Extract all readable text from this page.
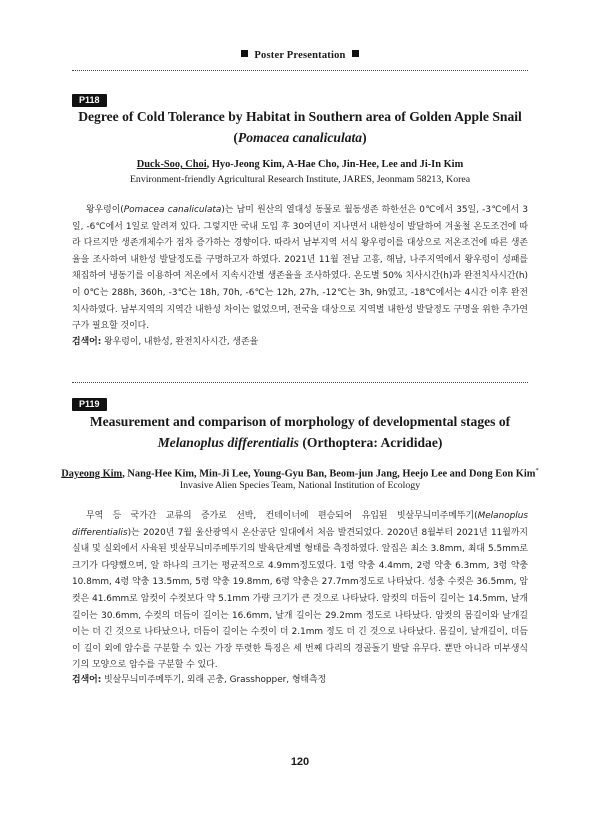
Poster Presentation
P118
Degree of Cold Tolerance by Habitat in Southern area of Golden Apple Snail
(Pomacea canaliculata)
Duck-Soo, Choi, Hyo-Jeong Kim, A-Hae Cho, Jin-Hee, Lee and Ji-In Kim
Environment-friendly Agricultural Research Institute, JARES, Jeonmam 58213, Korea
왕우렁이(Pomacea canaliculata)는 남미 원산의 열대성 동물로 월동생존 하한선은 0℃에서 35일, -3℃에서 3일, -6℃에서 1일로 알려져 있다. 그렇지만 국내 도입 후 30여년이 지나면서 내한성이 발달하여 겨울철 온도조건에 따라 다르지만 생존개체수가 점차 증가하는 경향이다. 따라서 남부지역 서식 왕우렁이를 대상으로 저온조건에 따른 생존율을 조사하여 내한성 발달정도를 구명하고자 하였다. 2021년 11월 전남 고흥, 해남, 나주지역에서 왕우렁이 성패를 채집하여 냉동기를 이용하여 저온에서 지속시간별 생존율을 조사하였다. 온도별 50% 치사시간(h)과 완전치사시간(h)이 0℃는 288h, 360h, -3℃는 18h, 70h, -6℃는 12h, 27h, -12℃는 3h, 9h였고, -18℃에서는 4시간 이후 완전치사하였다. 남부지역의 지역간 내한성 차이는 없었으며, 전국을 대상으로 지역별 내한성 발달정도 구명을 위한 추가연구가 필요할 것이다.
검색어: 왕우렁이, 내한성, 완전치사시간, 생존율
P119
Measurement and comparison of morphology of developmental stages of
Melanoplus differentialis (Orthoptera: Acrididae)
Dayeong Kim, Nang-Hee Kim, Min-Ji Lee, Young-Gyu Ban, Beom-jun Jang, Heejo Lee and Dong Eon Kim*
Invasive Alien Species Team, National Institution of Ecology
무역 등 국가간 교류의 증가로 선박, 컨테이너에 편승되어 유입된 빗살무늬미주메뚜기(Melanoplus differentialis)는 2020년 7월 울산광역시 온산공단 일대에서 처음 발견되었다. 2020년 8월부터 2021년 11월까지 실내 및 실외에서 사육된 빗살무늬미주메뚜기의 발육단계별 형태를 측정하였다. 알집은 최소 3.8mm, 최대 5.5mm로 크기가 다양했으며, 알 하나의 크기는 평균적으로 4.9mm정도였다. 1령 약충 4.4mm, 2령 약충 6.3mm, 3령 약충 10.8mm, 4령 약충 13.5mm, 5령 약충 19.8mm, 6령 약충은 27.7mm정도로 나타났다. 성충 수컷은 36.5mm, 암컷은 41.6mm로 암컷이 수컷보다 약 5.1mm 가량 크기가 큰 것으로 나타났다. 암컷의 더듬이 길이는 14.5mm, 날개 길이는 30.6mm, 수컷의 더듬이 길이는 16.6mm, 날개 길이는 29.2mm 정도로 나타났다. 암컷의 몸길이와 날개길이는 더 긴 것으로 나타났으나, 더듬이 길이는 수컷이 더 2.1mm 정도 더 긴 것으로 나타났다. 몸길이, 날개길이, 더듬이 길이 외에 암수를 구분할 수 있는 가장 뚜렷한 특징은 세 번째 다리의 경골돌기 발달 유무다. 뿐만 아니라 미부생식기의 모양으로 암수를 구분할 수 있다.
검색어: 빗살무늬미주메뚜기, 외래 곤충, Grasshopper, 형태측정
120
